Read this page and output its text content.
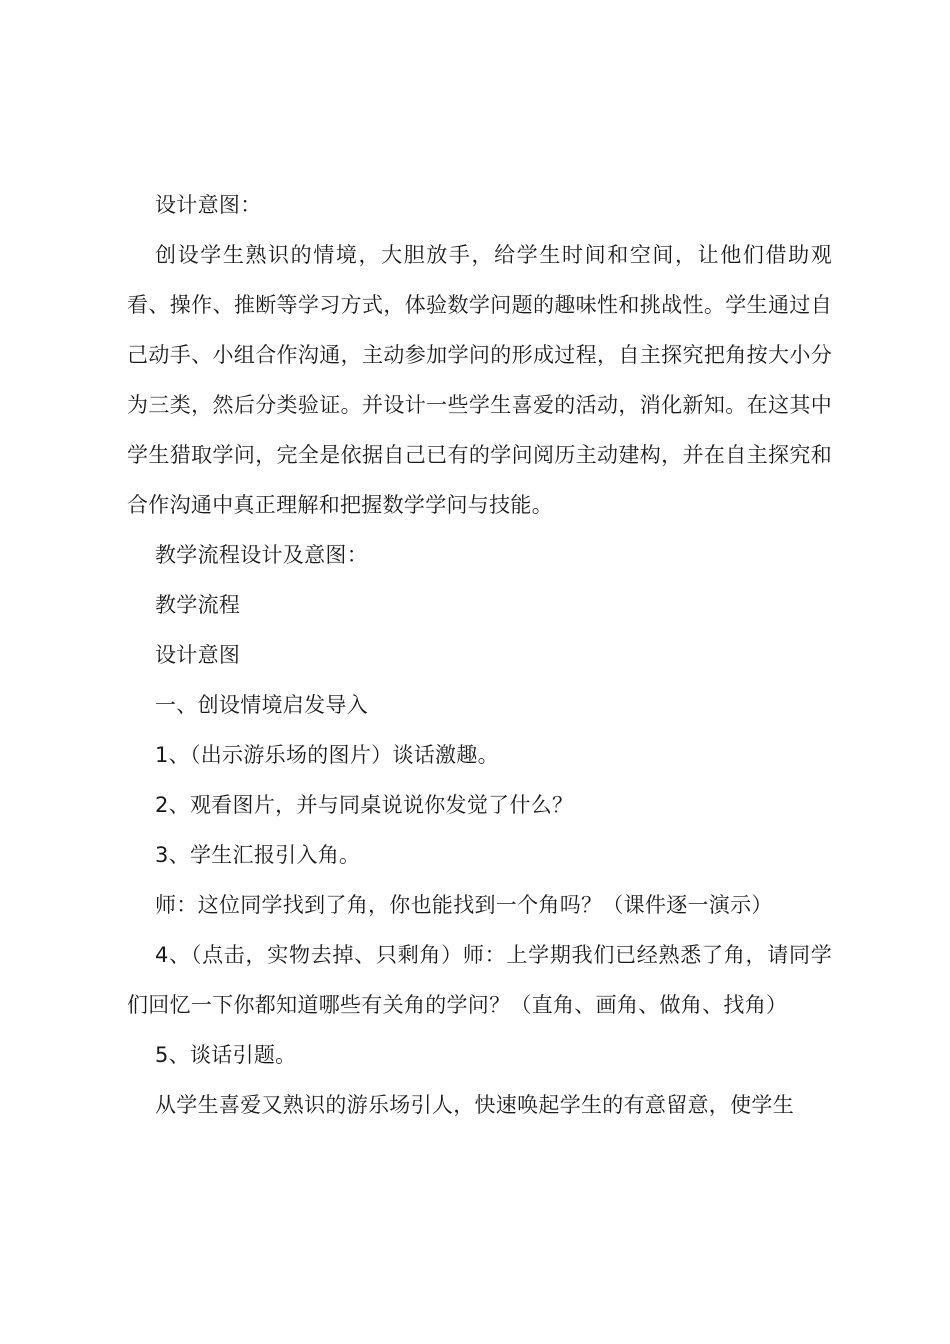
设计意图：

创设学生熟识的情境，大胆放手，给学生时间和空间，让他们借助观看、操作、推断等学习方式，体验数学问题的趣味性和挑战性。学生通过自己动手、小组合作沟通，主动参加学问的形成过程，自主探究把角按大小分为三类，然后分类验证。并设计一些学生喜爱的活动，消化新知。在这其中学生猎取学问，完全是依据自己已有的学问阅历主动建构，并在自主探究和合作沟通中真正理解和把握数学学问与技能。

教学流程设计及意图：

教学流程

设计意图

一、创设情境启发导入

1、（出示游乐场的图片）谈话激趣。

2、观看图片，并与同桌说说你发觉了什么？

3、学生汇报引入角。

师：这位同学找到了角，你也能找到一个角吗？（课件逐一演示）

4、（点击，实物去掉、只剩角）师：上学期我们已经熟悉了角，请同学们回忆一下你都知道哪些有关角的学问？（直角、画角、做角、找角）

5、谈话引题。

从学生喜爱又熟识的游乐场引人，快速唤起学生的有意留意，使学生
